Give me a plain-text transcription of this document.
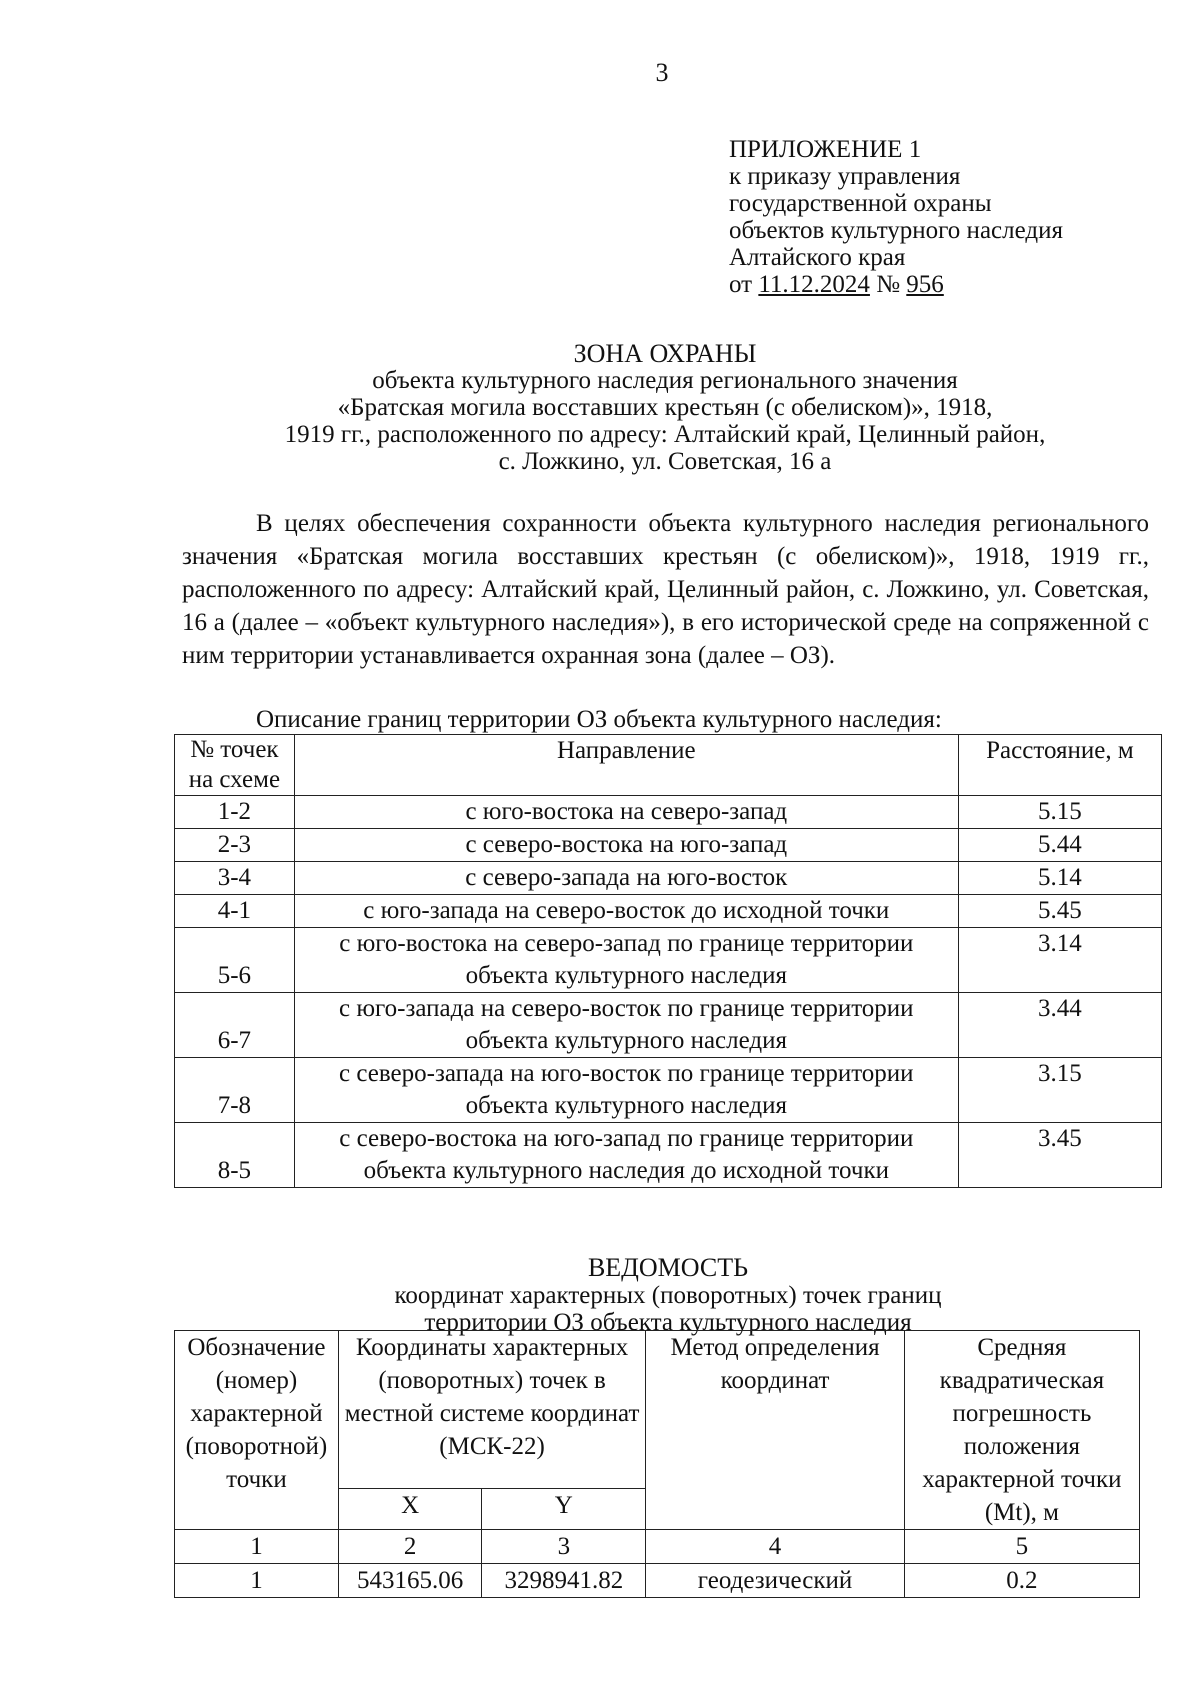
3
ПРИЛОЖЕНИЕ 1
к приказу управления
государственной охраны
объектов культурного наследия
Алтайского края
от 11.12.2024 № 956
ЗОНА ОХРАНЫ
объекта культурного наследия регионального значения
«Братская могила восставших крестьян (с обелиском)», 1918,
1919 гг., расположенного по адресу: Алтайский край, Целинный район,
с. Ложкино, ул. Советская, 16 а
В целях обеспечения сохранности объекта культурного наследия регионального значения «Братская могила восставших крестьян (с обелиском)», 1918, 1919 гг., расположенного по адресу: Алтайский край, Целинный район, с. Ложкино, ул. Советская, 16 а (далее – «объект культурного наследия»), в его исторической среде на сопряженной с ним территории устанавливается охранная зона (далее – ОЗ).
Описание границ территории ОЗ объекта культурного наследия:
№ точек на схеме	Направление	Расстояние, м
1-2	с юго-востока на северо-запад	5.15
2-3	с северо-востока на юго-запад	5.44
3-4	с северо-запада на юго-восток	5.14
4-1	с юго-запада на северо-восток до исходной точки	5.45
5-6	с юго-востока на северо-запад по границе территории объекта культурного наследия	3.14
6-7	с юго-запада на северо-восток по границе территории объекта культурного наследия	3.44
7-8	с северо-запада на юго-восток по границе территории объекта культурного наследия	3.15
8-5	с северо-востока на юго-запад по границе территории объекта культурного наследия до исходной точки	3.45
ВЕДОМОСТЬ
координат характерных (поворотных) точек границ
территории ОЗ объекта культурного наследия
Обозначение (номер) характерной (поворотной) точки	Координаты характерных (поворотных) точек в местной системе координат (МСК-22)		Метод определения координат	Средняя квадратическая погрешность положения характерной точки (Mt), м
	X	Y		
1	2	3	4	5
1	543165.06	3298941.82	геодезический	0.2
